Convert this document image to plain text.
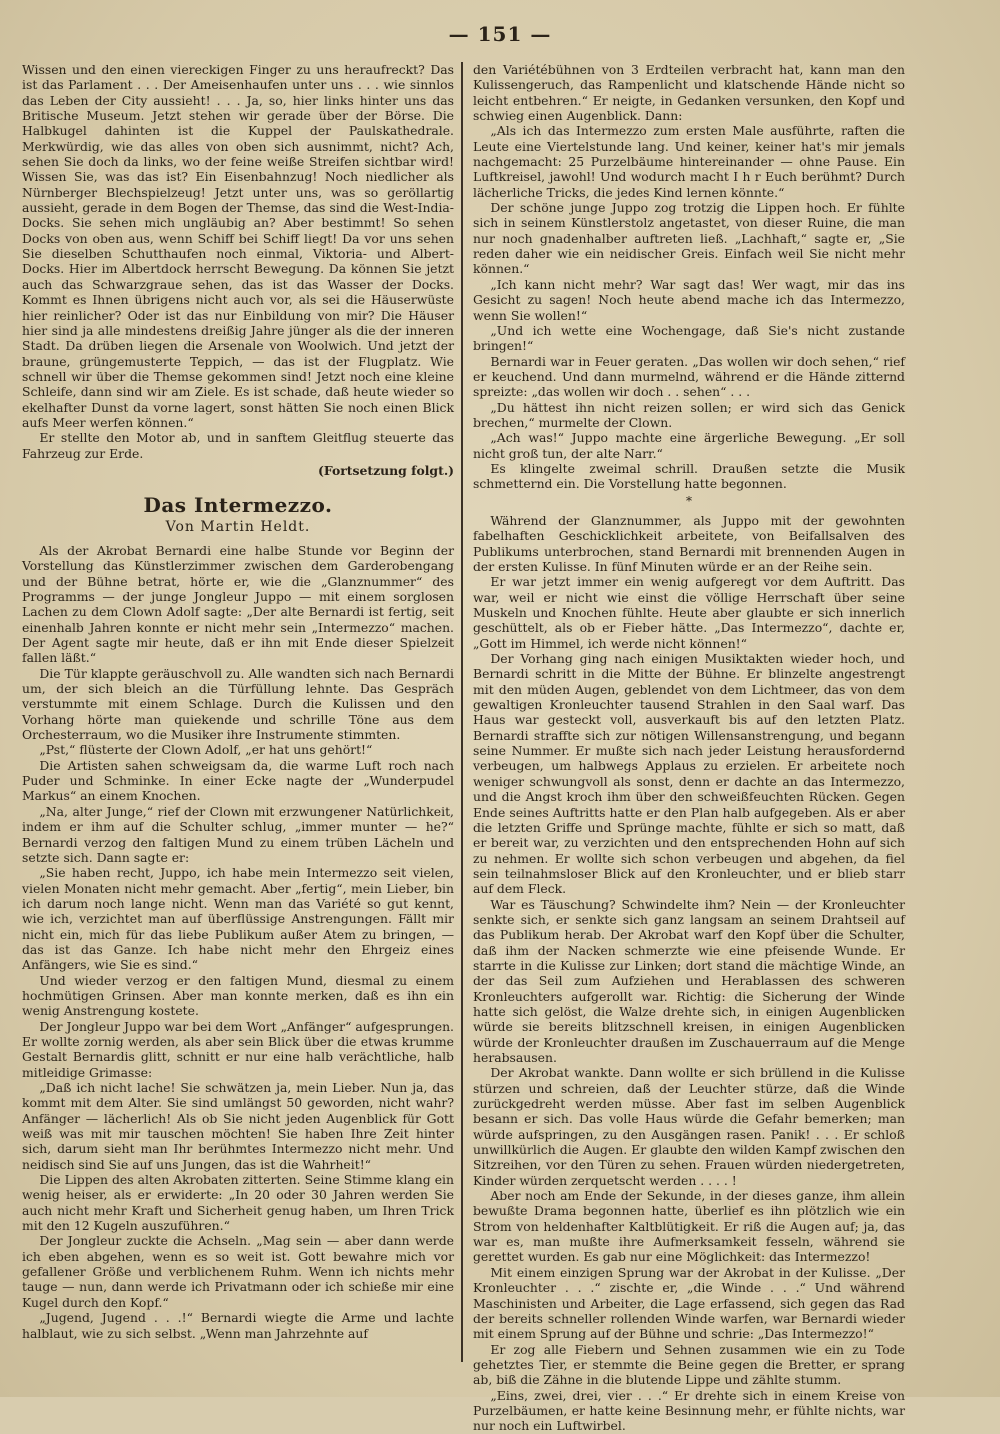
— 151 —

Wissen und den einen viereckigen Finger zu uns heraufreckt? Das ist das Parlament . . . Der Ameisenhaufen unter uns . . . wie sinnlos das Leben der City aussieht! . . . Ja, so, hier links hinter uns das Britische Museum. Jetzt stehen wir gerade über der Börse. Die Halbkugel dahinten ist die Kuppel der Paulskathedrale. Merkwürdig, wie das alles von oben sich ausnimmt, nicht? Ach, sehen Sie doch da links, wo der feine weiße Streifen sichtbar wird! Wissen Sie, was das ist? Ein Eisenbahnzug! Noch niedlicher als Nürnberger Blechspielzeug! Jetzt unter uns, was so geröllartig aussieht, gerade in dem Bogen der Themse, das sind die West-India-Docks. Sie sehen mich ungläubig an? Aber bestimmt! So sehen Docks von oben aus, wenn Schiff bei Schiff liegt! Da vor uns sehen Sie dieselben Schutthaufen noch einmal, Viktoria- und Albert-Docks. Hier im Albertdock herrscht Bewegung. Da können Sie jetzt auch das Schwarzgraue sehen, das ist das Wasser der Docks. Kommt es Ihnen übrigens nicht auch vor, als sei die Häuserwüste hier reinlicher? Oder ist das nur Einbildung von mir? Die Häuser hier sind ja alle mindestens dreißig Jahre jünger als die der inneren Stadt. Da drüben liegen die Arsenale von Woolwich. Und jetzt der braune, grüngemusterte Teppich, — das ist der Flugplatz. Wie schnell wir über die Themse gekommen sind! Jetzt noch eine kleine Schleife, dann sind wir am Ziele. Es ist schade, daß heute wieder so ekelhafter Dunst da vorne lagert, sonst hätten Sie noch einen Blick aufs Meer werfen können.“

Er stellte den Motor ab, und in sanftem Gleitflug steuerte das Fahrzeug zur Erde.

(Fortsetzung folgt.)
Das Intermezzo.
Von Martin Heldt.

Als der Akrobat Bernardi eine halbe Stunde vor Beginn der Vorstellung das Künstlerzimmer zwischen dem Garderobengang und der Bühne betrat, hörte er, wie die „Glanznummer“ des Programms — der junge Jongleur Juppo — mit einem sorglosen Lachen zu dem Clown Adolf sagte: „Der alte Bernardi ist fertig, seit einenhalb Jahren konnte er nicht mehr sein „Intermezzo“ machen. Der Agent sagte mir heute, daß er ihn mit Ende dieser Spielzeit fallen läßt.“

Die Tür klappte geräuschvoll zu. Alle wandten sich nach Bernardi um, der sich bleich an die Türfüllung lehnte. Das Gespräch verstummte mit einem Schlage. Durch die Kulissen und den Vorhang hörte man quiekende und schrille Töne aus dem Orchesterraum, wo die Musiker ihre Instrumente stimmten.

„Pst,“ flüsterte der Clown Adolf, „er hat uns gehört!“

Die Artisten sahen schweigsam da, die warme Luft roch nach Puder und Schminke. In einer Ecke nagte der „Wunderpudel Markus“ an einem Knochen.

„Na, alter Junge,“ rief der Clown mit erzwungener Natürlichkeit, indem er ihm auf die Schulter schlug, „immer munter — he?“ Bernardi verzog den faltigen Mund zu einem trüben Lächeln und setzte sich. Dann sagte er:

„Sie haben recht, Juppo, ich habe mein Intermezzo seit vielen, vielen Monaten nicht mehr gemacht. Aber „fertig“, mein Lieber, bin ich darum noch lange nicht. Wenn man das Variété so gut kennt, wie ich, verzichtet man auf überflüssige Anstrengungen. Fällt mir nicht ein, mich für das liebe Publikum außer Atem zu bringen, — das ist das Ganze. Ich habe nicht mehr den Ehrgeiz eines Anfängers, wie Sie es sind.“

Und wieder verzog er den faltigen Mund, diesmal zu einem hochmütigen Grinsen. Aber man konnte merken, daß es ihn ein wenig Anstrengung kostete.

Der Jongleur Juppo war bei dem Wort „Anfänger“ aufgesprungen. Er wollte zornig werden, als aber sein Blick über die etwas krumme Gestalt Bernardis glitt, schnitt er nur eine halb verächtliche, halb mitleidige Grimasse:

„Daß ich nicht lache! Sie schwätzen ja, mein Lieber. Nun ja, das kommt mit dem Alter. Sie sind umlängst 50 geworden, nicht wahr? Anfänger — lächerlich! Als ob Sie nicht jeden Augenblick für Gott weiß was mit mir tauschen möchten! Sie haben Ihre Zeit hinter sich, darum sieht man Ihr berühmtes Intermezzo nicht mehr. Und neidisch sind Sie auf uns Jungen, das ist die Wahrheit!“

Die Lippen des alten Akrobaten zitterten. Seine Stimme klang ein wenig heiser, als er erwiderte: „In 20 oder 30 Jahren werden Sie auch nicht mehr Kraft und Sicherheit genug haben, um Ihren Trick mit den 12 Kugeln auszuführen.“

Der Jongleur zuckte die Achseln. „Mag sein — aber dann werde ich eben abgehen, wenn es so weit ist. Gott bewahre mich vor gefallener Größe und verblichenem Ruhm. Wenn ich nichts mehr tauge — nun, dann werde ich Privatmann oder ich schieße mir eine Kugel durch den Kopf.“

„Jugend, Jugend . . .!“ Bernardi wiegte die Arme und lachte halblaut, wie zu sich selbst. „Wenn man Jahrzehnte auf

den Variétébühnen von 3 Erdteilen verbracht hat, kann man den Kulissengeruch, das Rampenlicht und klatschende Hände nicht so leicht entbehren.“ Er neigte, in Gedanken versunken, den Kopf und schwieg einen Augenblick. Dann:

„Als ich das Intermezzo zum ersten Male ausführte, raften die Leute eine Viertelstunde lang. Und keiner, keiner hat's mir jemals nachgemacht: 25 Purzelbäume hintereinander — ohne Pause. Ein Luftkreisel, jawohl! Und wodurch macht I h r Euch berühmt? Durch lächerliche Tricks, die jedes Kind lernen könnte.“

Der schöne junge Juppo zog trotzig die Lippen hoch. Er fühlte sich in seinem Künstlerstolz angetastet, von dieser Ruine, die man nur noch gnadenhalber auftreten ließ. „Lachhaft,“ sagte er, „Sie reden daher wie ein neidischer Greis. Einfach weil Sie nicht mehr können.“

„Ich kann nicht mehr? War sagt das! Wer wagt, mir das ins Gesicht zu sagen! Noch heute abend mache ich das Intermezzo, wenn Sie wollen!“

„Und ich wette eine Wochengage, daß Sie's nicht zustande bringen!“

Bernardi war in Feuer geraten. „Das wollen wir doch sehen,“ rief er keuchend. Und dann murmelnd, während er die Hände zitternd spreizte: „das wollen wir doch . . sehen“ . . .

„Du hättest ihn nicht reizen sollen; er wird sich das Genick brechen,“ murmelte der Clown.

„Ach was!“ Juppo machte eine ärgerliche Bewegung. „Er soll nicht groß tun, der alte Narr.“

Es klingelte zweimal schrill. Draußen setzte die Musik schmetternd ein. Die Vorstellung hatte begonnen.

*

Während der Glanznummer, als Juppo mit der gewohnten fabelhaften Geschicklichkeit arbeitete, von Beifallsalven des Publikums unterbrochen, stand Bernardi mit brennenden Augen in der ersten Kulisse. In fünf Minuten würde er an der Reihe sein.

Er war jetzt immer ein wenig aufgeregt vor dem Auftritt. Das war, weil er nicht wie einst die völlige Herrschaft über seine Muskeln und Knochen fühlte. Heute aber glaubte er sich innerlich geschüttelt, als ob er Fieber hätte. „Das Intermezzo“, dachte er, „Gott im Himmel, ich werde nicht können!“

Der Vorhang ging nach einigen Musiktakten wieder hoch, und Bernardi schritt in die Mitte der Bühne. Er blinzelte angestrengt mit den müden Augen, geblendet von dem Lichtmeer, das von dem gewaltigen Kronleuchter tausend Strahlen in den Saal warf. Das Haus war gesteckt voll, ausverkauft bis auf den letzten Platz. Bernardi straffte sich zur nötigen Willensanstrengung, und begann seine Nummer. Er mußte sich nach jeder Leistung herausfordernd verbeugen, um halbwegs Applaus zu erzielen. Er arbeitete noch weniger schwungvoll als sonst, denn er dachte an das Intermezzo, und die Angst kroch ihm über den schweißfeuchten Rücken. Gegen Ende seines Auftritts hatte er den Plan halb aufgegeben. Als er aber die letzten Griffe und Sprünge machte, fühlte er sich so matt, daß er bereit war, zu verzichten und den entsprechenden Hohn auf sich zu nehmen. Er wollte sich schon verbeugen und abgehen, da fiel sein teilnahmsloser Blick auf den Kronleuchter, und er blieb starr auf dem Fleck.

War es Täuschung? Schwindelte ihm? Nein — der Kronleuchter senkte sich, er senkte sich ganz langsam an seinem Drahtseil auf das Publikum herab. Der Akrobat warf den Kopf über die Schulter, daß ihm der Nacken schmerzte wie eine pfeisende Wunde. Er starrte in die Kulisse zur Linken; dort stand die mächtige Winde, an der das Seil zum Aufziehen und Herablassen des schweren Kronleuchters aufgerollt war. Richtig: die Sicherung der Winde hatte sich gelöst, die Walze drehte sich, in einigen Augenblicken würde sie bereits blitzschnell kreisen, in einigen Augenblicken würde der Kronleuchter draußen im Zuschauerraum auf die Menge herabsausen.

Der Akrobat wankte. Dann wollte er sich brüllend in die Kulisse stürzen und schreien, daß der Leuchter stürze, daß die Winde zurückgedreht werden müsse. Aber fast im selben Augenblick besann er sich. Das volle Haus würde die Gefahr bemerken; man würde aufspringen, zu den Ausgängen rasen. Panik! . . . Er schloß unwillkürlich die Augen. Er glaubte den wilden Kampf zwischen den Sitzreihen, vor den Türen zu sehen. Frauen würden niedergetreten, Kinder würden zerquetscht werden . . . . !

Aber noch am Ende der Sekunde, in der dieses ganze, ihm allein bewußte Drama begonnen hatte, überlief es ihn plötzlich wie ein Strom von heldenhafter Kaltblütigkeit. Er riß die Augen auf; ja, das war es, man mußte ihre Aufmerksamkeit fesseln, während sie gerettet wurden. Es gab nur eine Möglichkeit: das Intermezzo!

Mit einem einzigen Sprung war der Akrobat in der Kulisse. „Der Kronleuchter . . .“ zischte er, „die Winde . . .“ Und während Maschinisten und Arbeiter, die Lage erfassend, sich gegen das Rad der bereits schneller rollenden Winde warfen, war Bernardi wieder mit einem Sprung auf der Bühne und schrie: „Das Intermezzo!“

Er zog alle Fiebern und Sehnen zusammen wie ein zu Tode gehetztes Tier, er stemmte die Beine gegen die Bretter, er sprang ab, biß die Zähne in die blutende Lippe und zählte stumm.

„Eins, zwei, drei, vier . . .“ Er drehte sich in einem Kreise von Purzelbäumen, er hatte keine Besinnung mehr, er fühlte nichts, war nur noch ein Luftwirbel.
